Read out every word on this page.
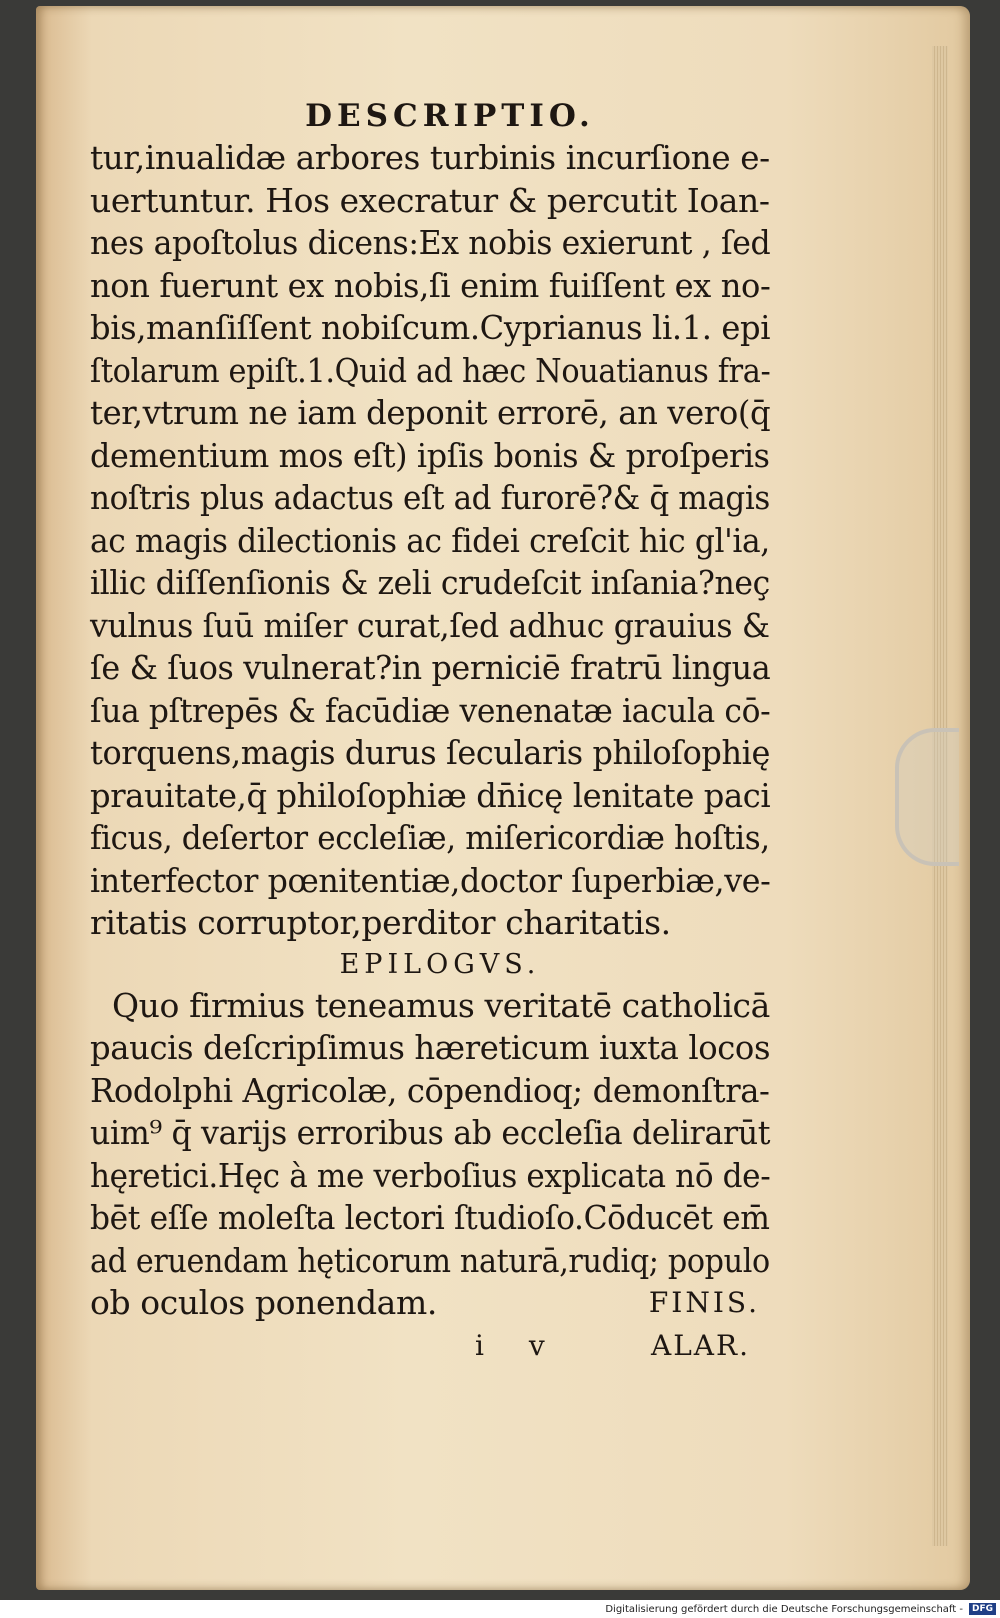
DESCRIPTIO.
tur,inualidæ arbores turbinis incurſione e-
uertuntur. Hos execratur & percutit Ioan-
nes apoſtolus dicens:Ex nobis exierunt , ſed
non fuerunt ex nobis,ſi enim fuiſſent ex no-
bis,manſiſſent nobiſcum.Cyprianus li.1. epi
ſtolarum epiſt.1.Quid ad hæc Nouatianus fra-
ter,vtrum ne iam deponit errorē, an vero(q̄
dementium mos eſt) ipſis bonis & proſperis
noſtris plus adactus eſt ad furorē?& q̄ magis
ac magis dilectionis ac fidei creſcit hic gl'ia,
illic diſſenſionis & zeli crudeſcit inſania?neç
vulnus ſuū miſer curat,ſed adhuc grauius &
ſe & ſuos vulnerat?in perniciē fratrū lingua
ſua pſtrepēs & facūdiæ venenatæ iacula cō-
torquens,magis durus ſecularis philoſophię
prauitate,q̄ philoſophiæ dn̄icę lenitate paci
ficus, deſertor eccleſiæ, miſericordiæ hoſtis,
interfector pœnitentiæ,doctor ſuperbiæ,ve-
ritatis corruptor,perditor charitatis.
EPILOGVS.
Quo firmius teneamus veritatē catholicā
paucis deſcripſimus hæreticum iuxta locos
Rodolphi Agricolæ, cōpendioq; demonſtra-
uim⁹ q̄ varijs erroribus ab eccleſia delirarūt
hęretici.Hęc à me verboſius explicata nō de-
bēt eſſe moleſta lectori ſtudioſo.Cōducēt em̄
ad eruendam hęticorum naturā,rudiq; populo
ob oculos ponendam.	FINIS.
i v	ALAR.
Digitalisierung gefördert durch die Deutsche Forschungsgemeinschaft -	DFG
